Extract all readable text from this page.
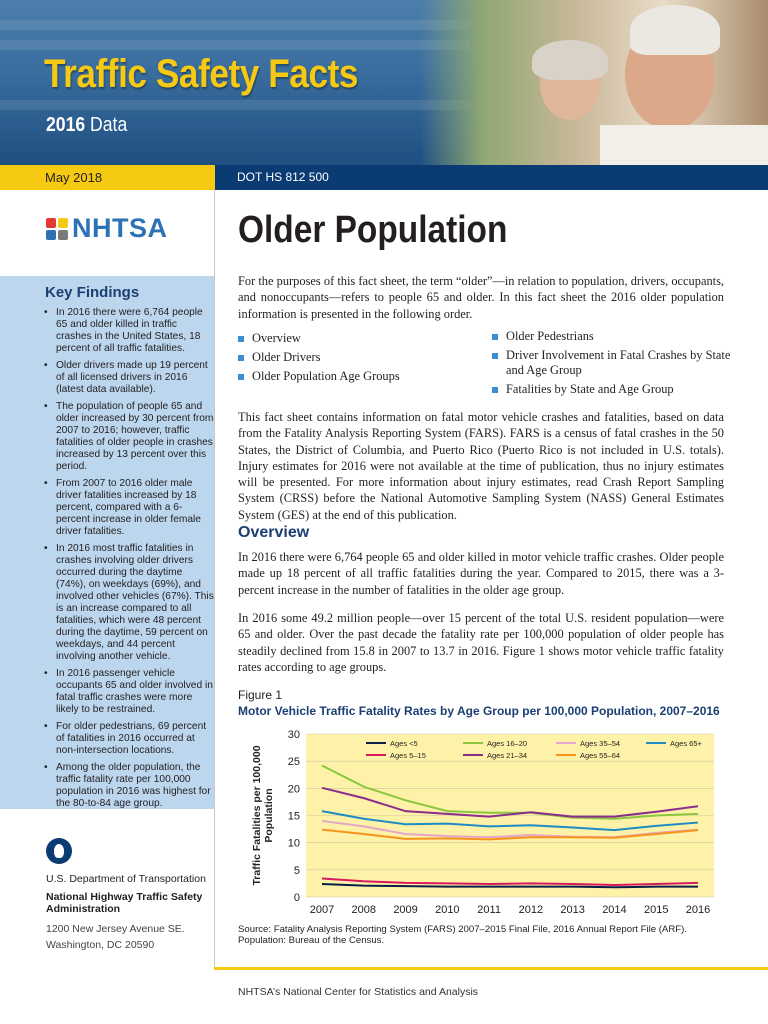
Traffic Safety Facts
2016 Data
May 2018	DOT HS 812 500
NHTSA
Key Findings
• In 2016 there were 6,764 people 65 and older killed in traffic crashes in the United States, 18 percent of all traffic fatalities.
• Older drivers made up 19 percent of all licensed drivers in 2016 (latest data available).
• The population of people 65 and older increased by 30 percent from 2007 to 2016; however, traffic fatalities of older people in crashes increased by 13 percent over this period.
• From 2007 to 2016 older male driver fatalities increased by 18 percent, compared with a 6-percent increase in older female driver fatalities.
• In 2016 most traffic fatalities in crashes involving older drivers occurred during the daytime (74%), on weekdays (69%), and involved other vehicles (67%). This is an increase compared to all fatalities, which were 48 percent during the daytime, 59 percent on weekdays, and 44 percent involving another vehicle.
• In 2016 passenger vehicle occupants 65 and older involved in fatal traffic crashes were more likely to be restrained.
• For older pedestrians, 69 percent of fatalities in 2016 occurred at non-intersection locations.
• Among the older population, the traffic fatality rate per 100,000 population in 2016 was highest for the 80-to-84 age group.
U.S. Department of Transportation
National Highway Traffic Safety Administration
1200 New Jersey Avenue SE.
Washington, DC 20590
Older Population

For the purposes of this fact sheet, the term “older”—in relation to population, drivers, occupants, and nonoccupants—refers to people 65 and older. In this fact sheet the 2016 older population information is presented in the following order.

Overview
Older Drivers
Older Population Age Groups
Older Pedestrians
Driver Involvement in Fatal Crashes by State and Age Group
Fatalities by State and Age Group

This fact sheet contains information on fatal motor vehicle crashes and fatalities, based on data from the Fatality Analysis Reporting System (FARS). FARS is a census of fatal crashes in the 50 States, the District of Columbia, and Puerto Rico (Puerto Rico is not included in U.S. totals). Injury estimates for 2016 were not available at the time of publication, thus no injury estimates will be presented. For more information about injury estimates, read Crash Report Sampling System (CRSS) before the National Automotive Sampling System (NASS) General Estimates System (GES) at the end of this publication.

Overview

In 2016 there were 6,764 people 65 and older killed in motor vehicle traffic crashes. Older people made up 18 percent of all traffic fatalities during the year. Compared to 2015, there was a 3-percent increase in the number of fatalities in the older age group.

In 2016 some 49.2 million people—over 15 percent of the total U.S. resident population—were 65 and older. Over the past decade the fatality rate per 100,000 population of older people has steadily declined from 15.8 in 2007 to 13.7 in 2016. Figure 1 shows motor vehicle traffic fatality rates according to age groups.

Figure 1
Motor Vehicle Traffic Fatality Rates by Age Group per 100,000 Population, 2007–2016
0
5
10
15
20
25
30
2007 2008 2009 2010 2011 2012 2013 2014 2015 2016
Traffic Fatalities per 100,000Population
Ages <5
Ages 5–15
Ages 16–20
Ages 21–34
Ages 35–54
Ages 55–64
Ages 65+
Source: Fatality Analysis Reporting System (FARS) 2007–2015 Final File, 2016 Annual Report File (ARF).
Population: Bureau of the Census.
NHTSA’s National Center for Statistics and Analysis
